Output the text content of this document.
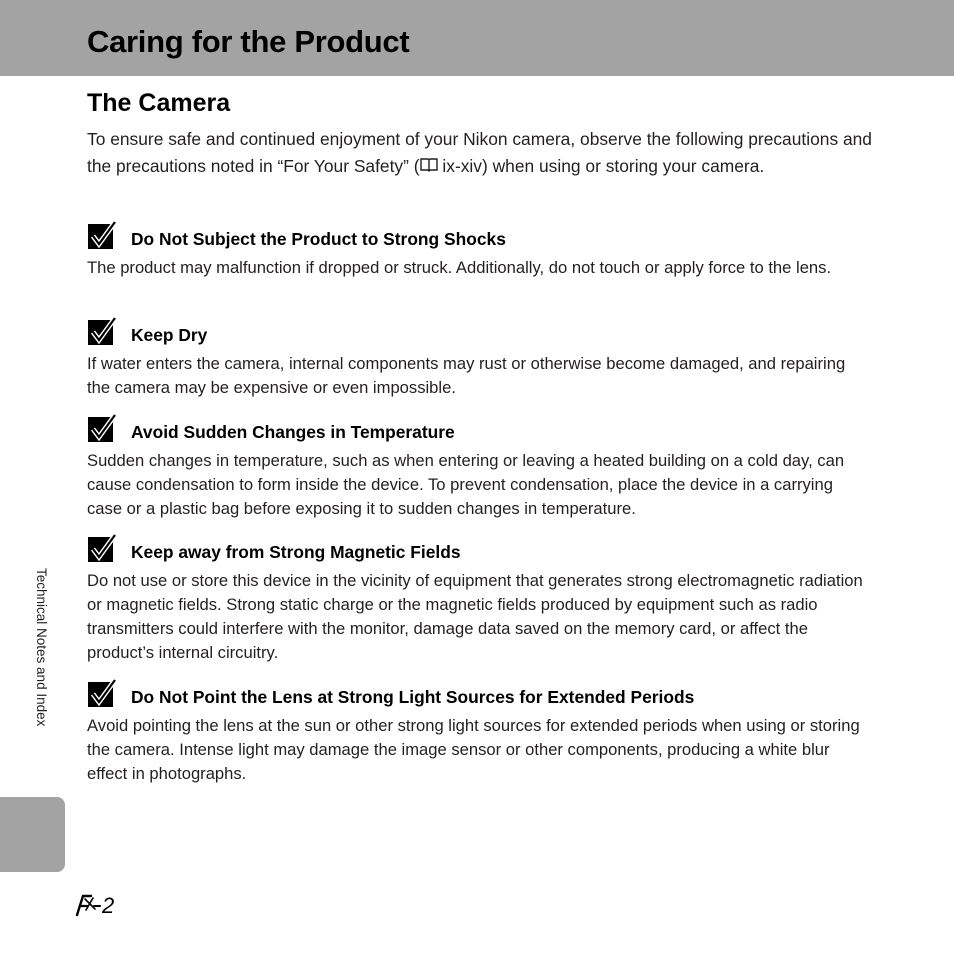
Caring for the Product
The Camera

To ensure safe and continued enjoyment of your Nikon camera, observe the following precautions and the precautions noted in “For Your Safety” ( ix-xiv) when using or storing your camera.

Do Not Subject the Product to Strong Shocks

The product may malfunction if dropped or struck. Additionally, do not touch or apply force to the lens.

Keep Dry

If water enters the camera, internal components may rust or otherwise become damaged, and repairing the camera may be expensive or even impossible.

Avoid Sudden Changes in Temperature

Sudden changes in temperature, such as when entering or leaving a heated building on a cold day, can cause condensation to form inside the device. To prevent condensation, place the device in a carrying case or a plastic bag before exposing it to sudden changes in temperature.

Keep away from Strong Magnetic Fields

Do not use or store this device in the vicinity of equipment that generates strong electromagnetic radiation or magnetic fields. Strong static charge or the magnetic fields produced by equipment such as radio transmitters could interfere with the monitor, damage data saved on the memory card, or affect the product’s internal circuitry.

Do Not Point the Lens at Strong Light Sources for Extended Periods

Avoid pointing the lens at the sun or other strong light sources for extended periods when using or storing the camera. Intense light may damage the image sensor or other components, producing a white blur effect in photographs.

Technical Notes and Index
2
